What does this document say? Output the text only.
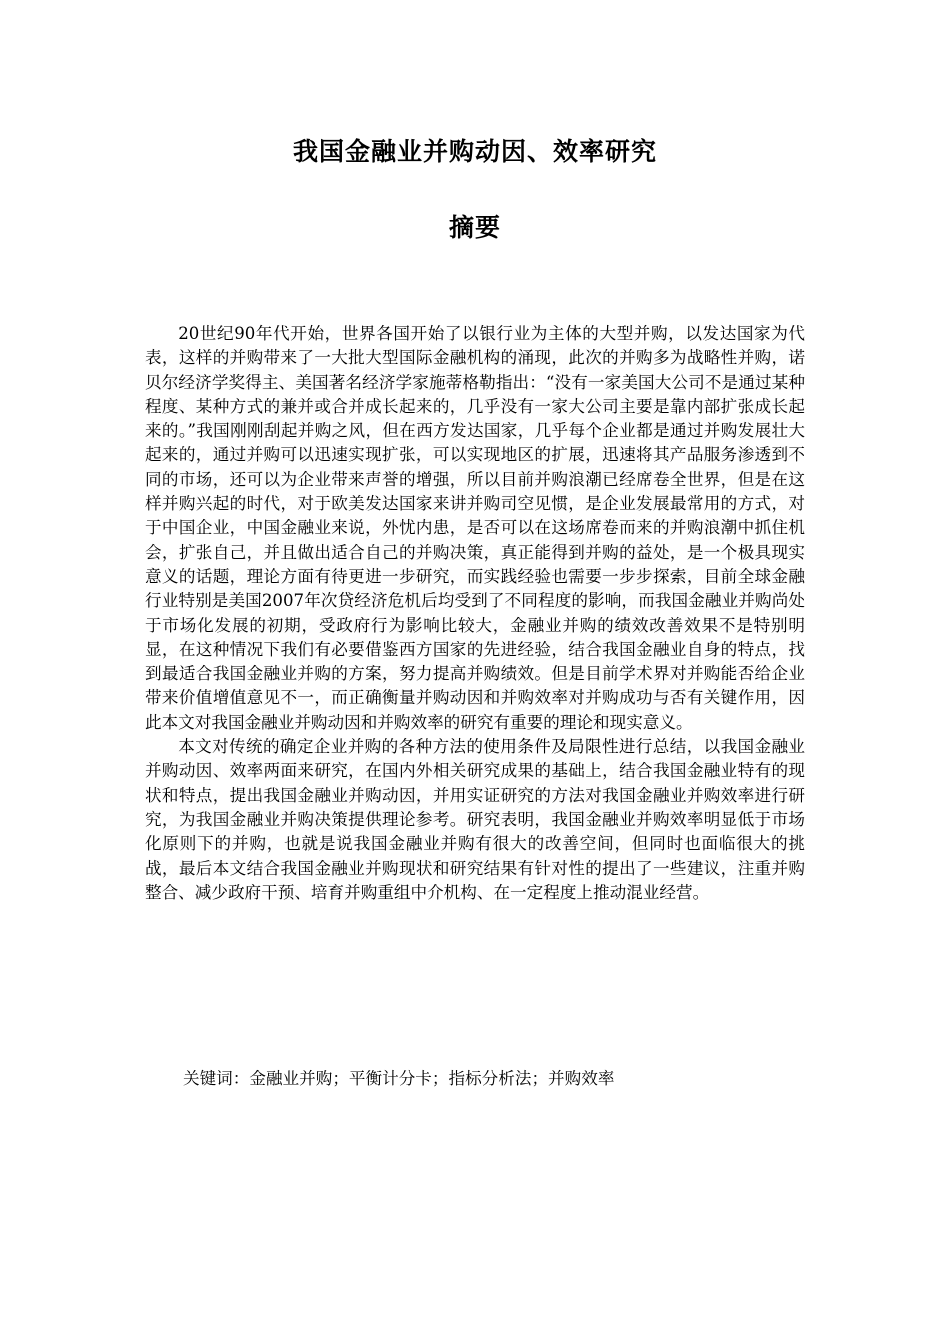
我国金融业并购动因、效率研究
摘要

20世纪90年代开始，世界各国开始了以银行业为主体的大型并购，以发达国家为代表，这样的并购带来了一大批大型国际金融机构的涌现，此次的并购多为战略性并购，诺贝尔经济学奖得主、美国著名经济学家施蒂格勒指出：“没有一家美国大公司不是通过某种程度、某种方式的兼并或合并成长起来的，几乎没有一家大公司主要是靠内部扩张成长起来的。”我国刚刚刮起并购之风，但在西方发达国家，几乎每个企业都是通过并购发展壮大起来的，通过并购可以迅速实现扩张，可以实现地区的扩展，迅速将其产品服务渗透到不同的市场，还可以为企业带来声誉的增强，所以目前并购浪潮已经席卷全世界，但是在这样并购兴起的时代，对于欧美发达国家来讲并购司空见惯，是企业发展最常用的方式，对于中国企业，中国金融业来说，外忧内患，是否可以在这场席卷而来的并购浪潮中抓住机会，扩张自己，并且做出适合自己的并购决策，真正能得到并购的益处，是一个极具现实意义的话题，理论方面有待更进一步研究，而实践经验也需要一步步探索，目前全球金融行业特别是美国2007年次贷经济危机后均受到了不同程度的影响，而我国金融业并购尚处于市场化发展的初期，受政府行为影响比较大，金融业并购的绩效改善效果不是特别明显，在这种情况下我们有必要借鉴西方国家的先进经验，结合我国金融业自身的特点，找到最适合我国金融业并购的方案，努力提高并购绩效。但是目前学术界对并购能否给企业带来价值增值意见不一，而正确衡量并购动因和并购效率对并购成功与否有关键作用，因此本文对我国金融业并购动因和并购效率的研究有重要的理论和现实意义。

本文对传统的确定企业并购的各种方法的使用条件及局限性进行总结，以我国金融业并购动因、效率两面来研究，在国内外相关研究成果的基础上，结合我国金融业特有的现状和特点，提出我国金融业并购动因，并用实证研究的方法对我国金融业并购效率进行研究，为我国金融业并购决策提供理论参考。研究表明，我国金融业并购效率明显低于市场化原则下的并购，也就是说我国金融业并购有很大的改善空间，但同时也面临很大的挑战，最后本文结合我国金融业并购现状和研究结果有针对性的提出了一些建议，注重并购整合、减少政府干预、培育并购重组中介机构、在一定程度上推动混业经营。

关键词：金融业并购；平衡计分卡；指标分析法；并购效率
